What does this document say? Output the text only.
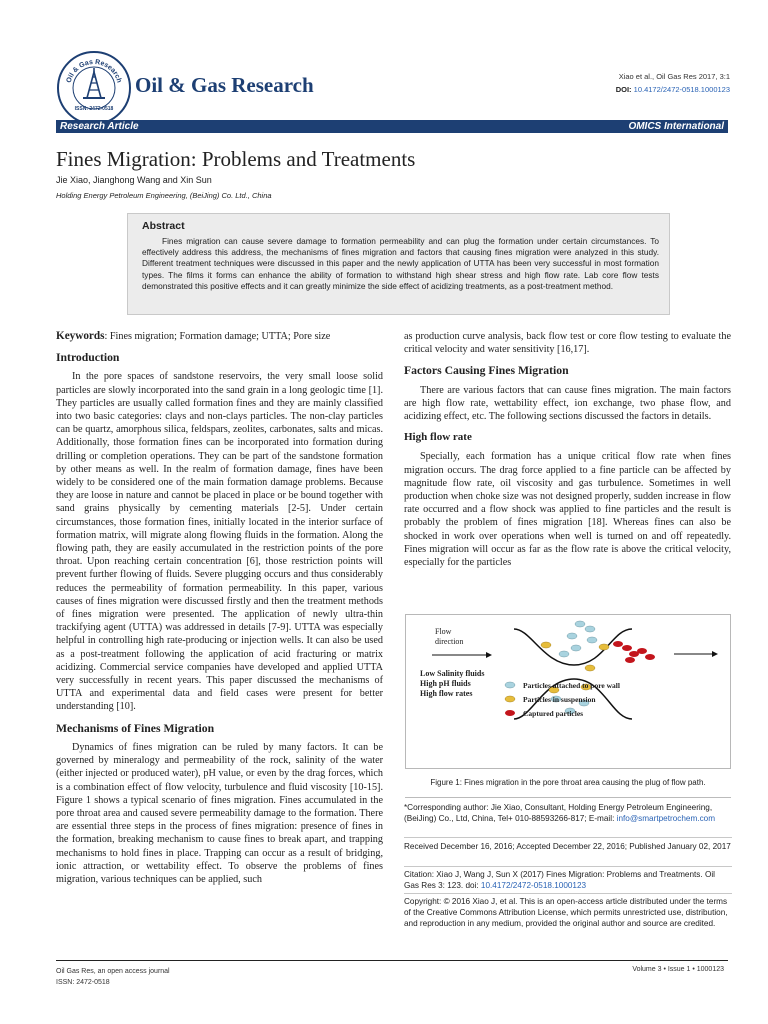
Oil & Gas Research
ISSN: 2472-0518
Oil & Gas Research	Xiao et al., Oil Gas Res 2017, 3:1
DOI: 10.4172/2472-0518.1000123
Research Article	OMICS International
Fines Migration: Problems and Treatments
Jie Xiao, Jianghong Wang and Xin Sun
Holding Energy Petroleum Engineering, (BeiJing) Co. Ltd., China
Abstract
Fines migration can cause severe damage to formation permeability and can plug the formation under certain circumstances. To effectively address this address, the mechanisms of fines migration and factors that causing fines migration were analyzed in this study. Different treatment techniques were discussed in this paper and the newly application of UTTA has been very successful in most formation types. The films it forms can enhance the ability of formation to withstand high shear stress and high flow rate. Lab core flow tests demonstrated this positive effects and it can greatly minimize the side effect of acidizing treatments, as a post-treatment method.

Keywords: Fines migration; Formation damage; UTTA; Pore size

Introduction

In the pore spaces of sandstone reservoirs, the very small loose solid particles are slowly incorporated into the sand grain in a long geologic time [1]. They particles are usually called formation fines and they are mainly classified into two basic categories: clays and non-clays particles. The non-clay particles can be quartz, amorphous silica, feldspars, zeolites, carbonates, salts and micas. Additionally, those formation fines can be incorporated into formation during drilling or completion operations. They can be part of the sandstone formation by other means as well. In the realm of formation damage, fines have been widely to be considered one of the main formation damage problems. Because they are loose in nature and cannot be placed in place or be bound together with sand grains physically by cementing materials [2-5]. Under certain circumstances, those formation fines, initially located in the interior surface of formation matrix, will migrate along flowing fluids in the formation. Along the flowing path, they are easily accumulated in the restriction points of the pore throat. Upon reaching certain concentration [6], those restriction points will prevent further flowing of fluids. Severe plugging occurs and thus considerably reduces the permeability of formation permeability. In this paper, various causes of fines migration were discussed firstly and then the treatment methods of fines migration were presented. The application of newly ultra-thin trackifying agent (UTTA) was addressed in details [7-9]. UTTA was especially helpful in controlling high rate-producing or injection wells. It can also be used as a post-treatment following the application of acid fracturing or matrix acidizing. Commercial service companies have developed and applied UTTA very successfully in recent years. This paper discussed the mechanisms of UTTA and experimental data and field cases were present for better understanding [10].

Mechanisms of Fines Migration

Dynamics of fines migration can be ruled by many factors. It can be governed by mineralogy and permeability of the rock, salinity of the water (either injected or produced water), pH value, or even by the drag forces, which is a combination effect of flow velocity, turbulence and fluid viscosity [10-15]. Figure 1 shows a typical scenario of fines migration. Fines accumulated in the pore throat area and caused severe permeability damage to the formation. There are essential three steps in the process of fines migration: presence of fines in the formation, breaking mechanism to cause fines to break apart, and trapping mechanisms to hold fines in place. Trapping can occur as a result of bridging, ionic attraction, or wettability effect. To observe the problems of fines migration, various techniques can be applied, such

as production curve analysis, back flow test or core flow testing to evaluate the critical velocity and water sensitivity [16,17].

Factors Causing Fines Migration

There are various factors that can cause fines migration. The main factors are high flow rate, wettability effect, ion exchange, two phase flow, and acidizing effect, etc. The following sections discussed the factors in details.

High flow rate

Specially, each formation has a unique critical flow rate when fines migration occurs. The drag force applied to a fine particle can be affected by magnitude flow rate, oil viscosity and gas turbulence. Sometimes in well production when choke size was not designed properly, sudden increase in flow rate occurred and a flow shock was applied to fine particles and the result is probably the problem of fines migration [18]. Whereas fines can also be shocked in work over operations when well is turned on and off repeatedly. Fines migration will occur as far as the flow rate is above the critical velocity, especially for the particles

Flow
direction
Low Salinity fluids
High pH fluids
High flow rates
Particles attached to pore wall
Particles in suspension
Captured particles
Figure 1: Fines migration in the pore throat area causing the plug of flow path.
*Corresponding author: Jie Xiao, Consultant, Holding Energy Petroleum Engineering, (BeiJing) Co., Ltd, China, Tel+ 010-88593266-817; E-mail: info@smartpetrochem.com
Received December 16, 2016; Accepted December 22, 2016; Published January 02, 2017
Citation: Xiao J, Wang J, Sun X (2017) Fines Migration: Problems and Treatments. Oil Gas Res 3: 123. doi: 10.4172/2472-0518.1000123
Copyright: © 2016 Xiao J, et al. This is an open-access article distributed under the terms of the Creative Commons Attribution License, which permits unrestricted use, distribution, and reproduction in any medium, provided the original author and source are credited.
Oil Gas Res, an open access journal
ISSN: 2472-0518
Volume 3 • Issue 1 • 1000123
